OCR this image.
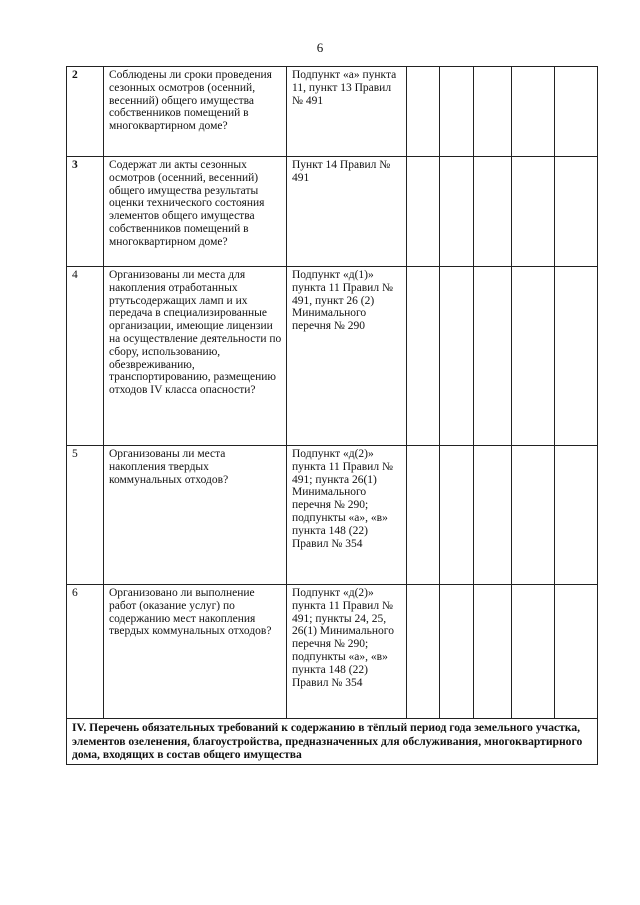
6
2	Соблюдены ли сроки проведения сезонных осмотров (осенний, весенний) общего имущества собственников помещений в многоквартирном доме?	Подпункт «а» пункта 11, пункт 13 Правил № 491					

3	Содержат ли акты сезонных осмотров (осенний, весенний) общего имущества результаты оценки технического состояния элементов общего имущества собственников помещений в многоквартирном доме?	Пункт 14 Правил № 491					

4	Организованы ли места для накопления отработанных ртутьсодержащих ламп и их передача в специализированные организации, имеющие лицензии на осуществление деятельности по сбору, использованию, обезвреживанию, транспортированию, размещению отходов IV класса опасности?	Подпункт «д(1)» пункта 11 Правил № 491, пункт 26 (2) Минимального перечня № 290					

5	Организованы ли места накопления твердых коммунальных отходов?	Подпункт «д(2)» пункта 11 Правил № 491; пункта 26(1) Минимального перечня № 290; подпункты «а», «в» пункта 148 (22) Правил № 354					

6	Организовано ли выполнение работ (оказание услуг) по содержанию мест накопления твердых коммунальных отходов?	Подпункт «д(2)» пункта 11 Правил № 491; пункты 24, 25, 26(1) Минимального перечня № 290; подпункты «а», «в» пункта 148 (22) Правил № 354					
IV. Перечень обязательных требований к содержанию в тёплый период года земельного участка, элементов озеленения, благоустройства, предназначенных для обслуживания, многоквартирного дома, входящих в состав общего имущества							
